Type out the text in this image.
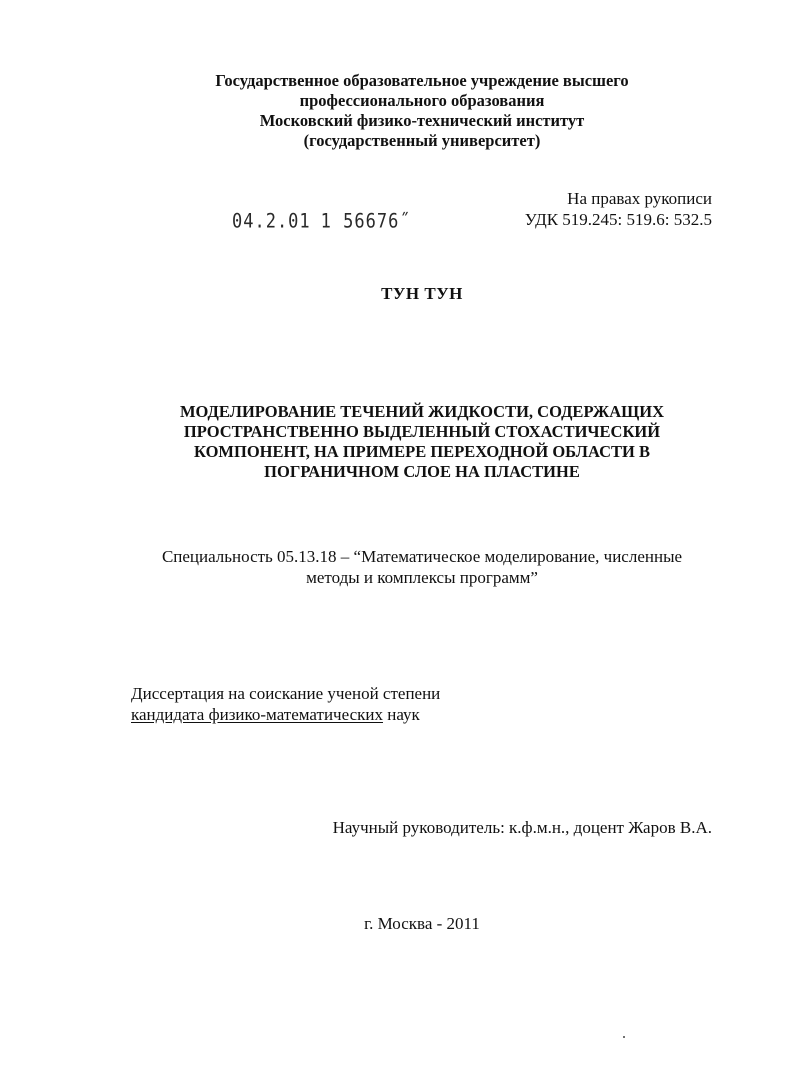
Государственное образовательное учреждение высшего
профессионального образования
Московский физико-технический институт
(государственный университет)
04.2.01 1 56676˝
На правах рукописи
УДК 519.245: 519.6: 532.5
ТУН ТУН
МОДЕЛИРОВАНИЕ ТЕЧЕНИЙ ЖИДКОСТИ, СОДЕРЖАЩИХ
ПРОСТРАНСТВЕННО ВЫДЕЛЕННЫЙ СТОХАСТИЧЕСКИЙ
КОМПОНЕНТ, НА ПРИМЕРЕ ПЕРЕХОДНОЙ ОБЛАСТИ В
ПОГРАНИЧНОМ СЛОЕ НА ПЛАСТИНЕ
Специальность 05.13.18 – “Математическое моделирование, численные
методы и комплексы программ”
Диссертация на соискание ученой степени
кандидата физико-математических наук
Научный руководитель: к.ф.м.н., доцент Жаров В.А.
г. Москва - 2011
